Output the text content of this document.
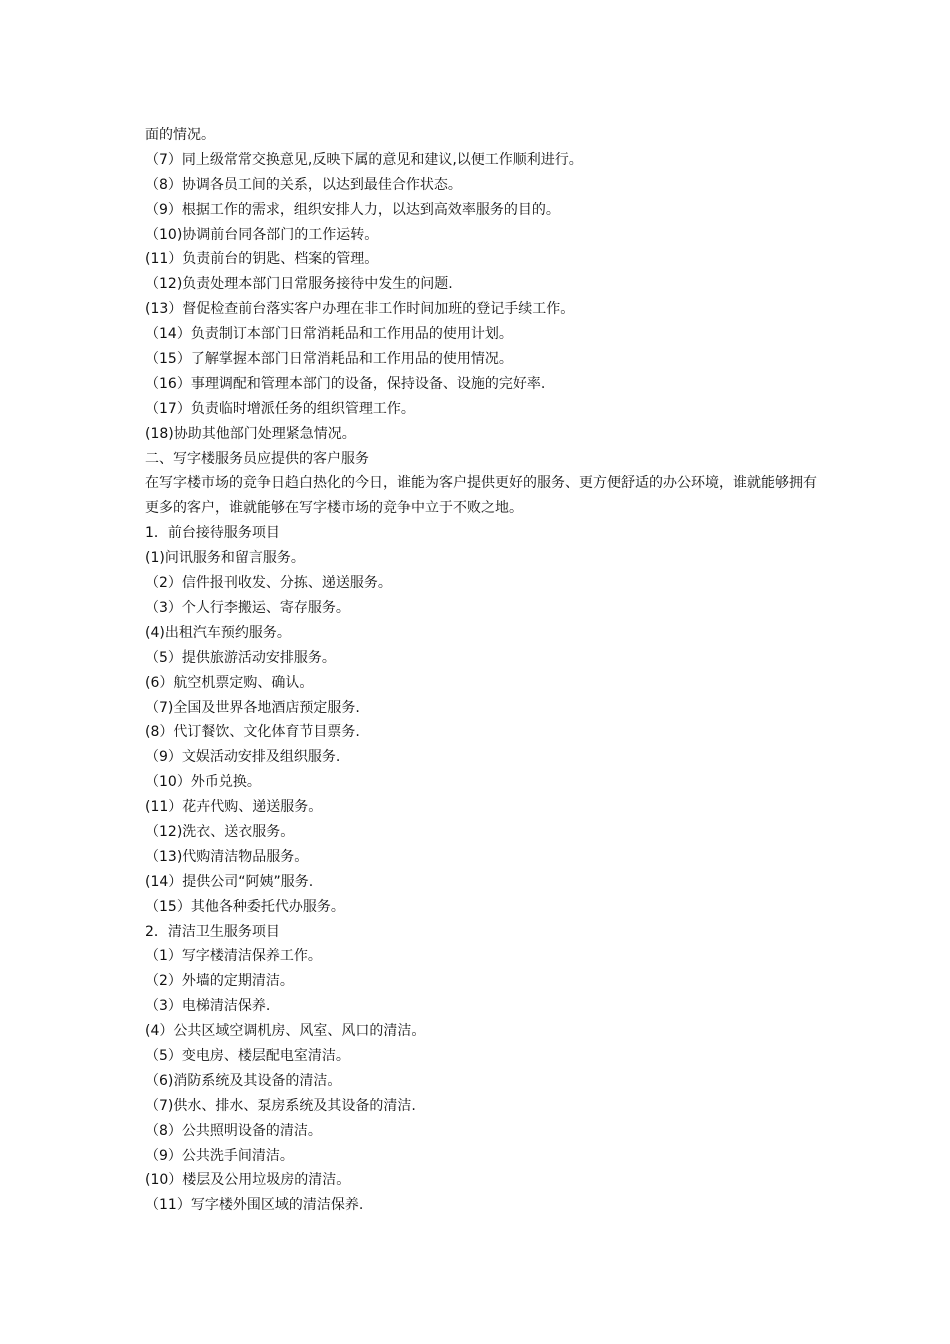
面的情况。
（7）同上级常常交换意见,反映下属的意见和建议,以便工作顺利进行。
（8）协调各员工间的关系，以达到最佳合作状态。
（9）根据工作的需求，组织安排人力，以达到高效率服务的目的。
（10)协调前台同各部门的工作运转。
(11）负责前台的钥匙、档案的管理。
（12)负责处理本部门日常服务接待中发生的问题.
(13）督促检查前台落实客户办理在非工作时间加班的登记手续工作。
（14）负责制订本部门日常消耗品和工作用品的使用计划。
（15）了解掌握本部门日常消耗品和工作用品的使用情况。
（16）事理调配和管理本部门的设备，保持设备、设施的完好率.
（17）负责临时增派任务的组织管理工作。
(18)协助其他部门处理紧急情况。
二、写字楼服务员应提供的客户服务
在写字楼市场的竞争日趋白热化的今日，谁能为客户提供更好的服务、更方便舒适的办公环境，谁就能够拥有更多的客户，谁就能够在写字楼市场的竞争中立于不败之地。
1．前台接待服务项目
(1)问讯服务和留言服务。
（2）信件报刊收发、分拣、递送服务。
（3）个人行李搬运、寄存服务。
(4)出租汽车预约服务。
（5）提供旅游活动安排服务。
(6）航空机票定购、确认。
（7)全国及世界各地酒店预定服务.
(8）代订餐饮、文化体育节目票务.
（9）文娱活动安排及组织服务.
（10）外币兑换。
(11）花卉代购、递送服务。
（12)洗衣、送衣服务。
（13)代购清洁物品服务。
(14）提供公司“阿姨”服务.
（15）其他各种委托代办服务。
2．清洁卫生服务项目
（1）写字楼清洁保养工作。
（2）外墙的定期清洁。
（3）电梯清洁保养.
(4）公共区域空调机房、风室、风口的清洁。
（5）变电房、楼层配电室清洁。
（6)消防系统及其设备的清洁。
（7)供水、排水、泵房系统及其设备的清洁.
（8）公共照明设备的清洁。
（9）公共洗手间清洁。
(10）楼层及公用垃圾房的清洁。
（11）写字楼外围区域的清洁保养.
